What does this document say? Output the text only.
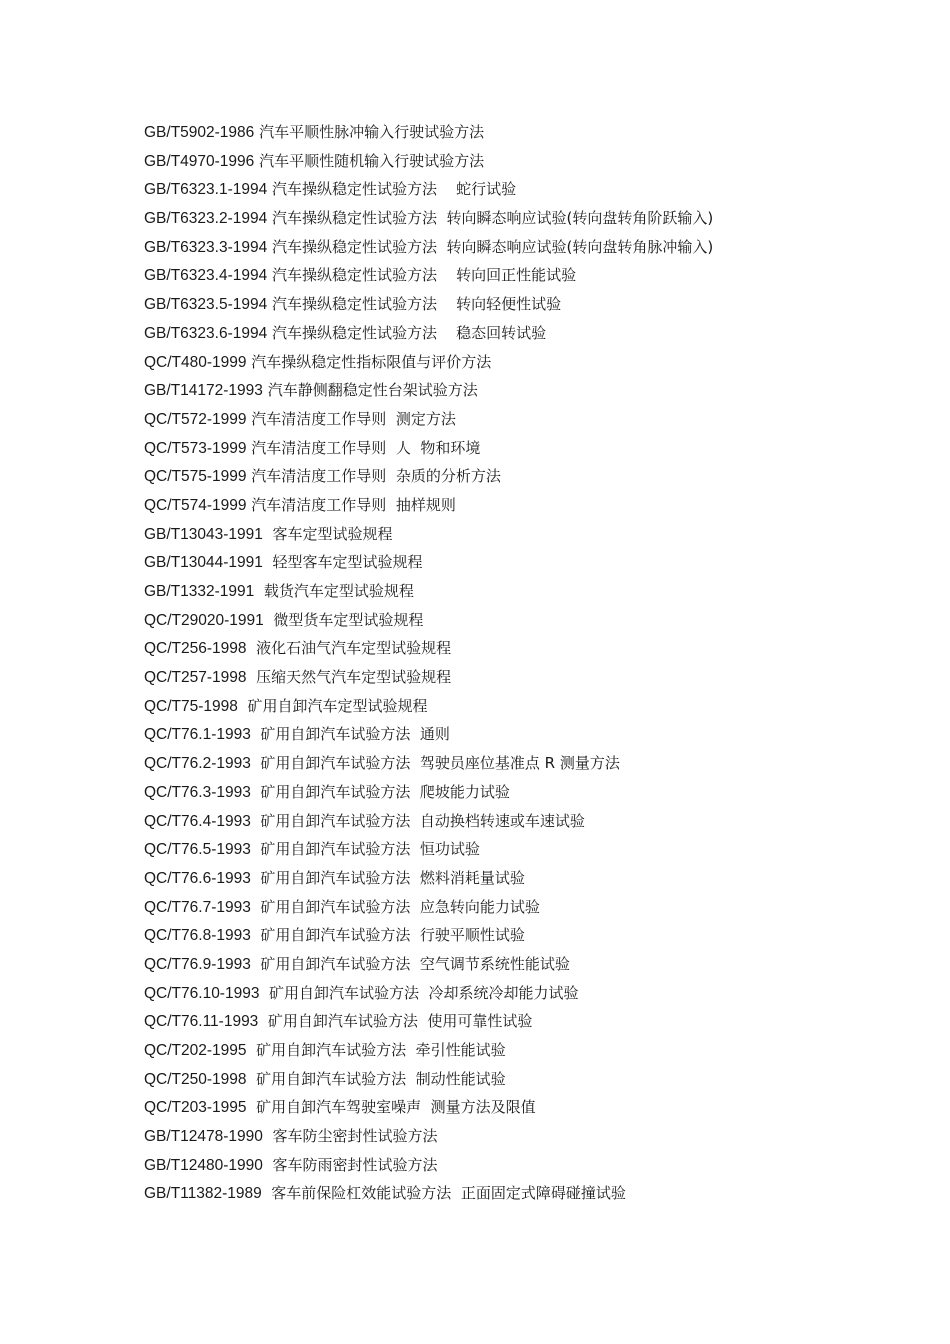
GB/T5902-1986 汽车平顺性脉冲输入行驶试验方法
GB/T4970-1996 汽车平顺性随机输入行驶试验方法
GB/T6323.1-1994 汽车操纵稳定性试验方法    蛇行试验
GB/T6323.2-1994 汽车操纵稳定性试验方法  转向瞬态响应试验(转向盘转角阶跃输入)
GB/T6323.3-1994 汽车操纵稳定性试验方法  转向瞬态响应试验(转向盘转角脉冲输入)
GB/T6323.4-1994 汽车操纵稳定性试验方法    转向回正性能试验
GB/T6323.5-1994 汽车操纵稳定性试验方法    转向轻便性试验
GB/T6323.6-1994 汽车操纵稳定性试验方法    稳态回转试验
QC/T480-1999 汽车操纵稳定性指标限值与评价方法
GB/T14172-1993 汽车静侧翻稳定性台架试验方法
QC/T572-1999 汽车清洁度工作导则  测定方法
QC/T573-1999 汽车清洁度工作导则  人  物和环境
QC/T575-1999 汽车清洁度工作导则  杂质的分析方法
QC/T574-1999 汽车清洁度工作导则  抽样规则
GB/T13043-1991  客车定型试验规程
GB/T13044-1991  轻型客车定型试验规程
GB/T1332-1991  载货汽车定型试验规程
QC/T29020-1991  微型货车定型试验规程
QC/T256-1998  液化石油气汽车定型试验规程
QC/T257-1998  压缩天然气汽车定型试验规程
QC/T75-1998  矿用自卸汽车定型试验规程
QC/T76.1-1993  矿用自卸汽车试验方法  通则
QC/T76.2-1993  矿用自卸汽车试验方法  驾驶员座位基准点 R 测量方法
QC/T76.3-1993  矿用自卸汽车试验方法  爬坡能力试验
QC/T76.4-1993  矿用自卸汽车试验方法  自动换档转速或车速试验
QC/T76.5-1993  矿用自卸汽车试验方法  恒功试验
QC/T76.6-1993  矿用自卸汽车试验方法  燃料消耗量试验
QC/T76.7-1993  矿用自卸汽车试验方法  应急转向能力试验
QC/T76.8-1993  矿用自卸汽车试验方法  行驶平顺性试验
QC/T76.9-1993  矿用自卸汽车试验方法  空气调节系统性能试验
QC/T76.10-1993  矿用自卸汽车试验方法  冷却系统冷却能力试验
QC/T76.11-1993  矿用自卸汽车试验方法  使用可靠性试验
QC/T202-1995  矿用自卸汽车试验方法  牵引性能试验
QC/T250-1998  矿用自卸汽车试验方法  制动性能试验
QC/T203-1995  矿用自卸汽车驾驶室噪声  测量方法及限值
GB/T12478-1990  客车防尘密封性试验方法
GB/T12480-1990  客车防雨密封性试验方法
GB/T11382-1989  客车前保险杠效能试验方法  正面固定式障碍碰撞试验
